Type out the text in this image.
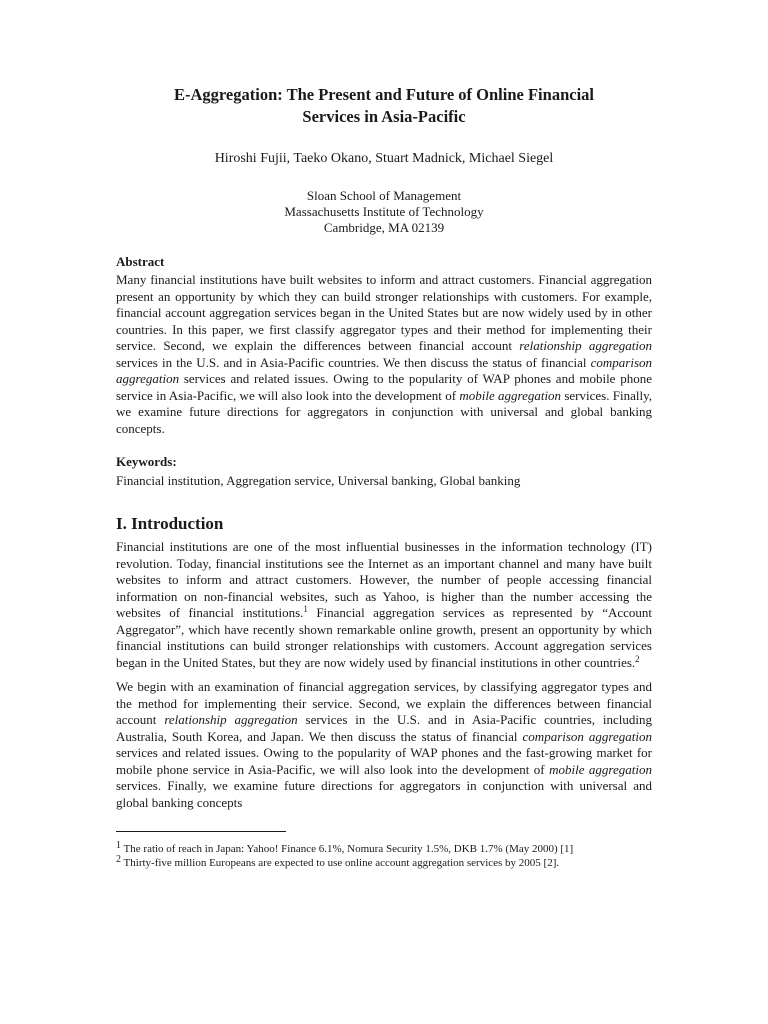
E-Aggregation: The Present and Future of Online Financial
Services in Asia-Pacific
Hiroshi Fujii, Taeko Okano, Stuart Madnick, Michael Siegel
Sloan School of Management
Massachusetts Institute of Technology
Cambridge, MA 02139
Abstract

Many financial institutions have built websites to inform and attract customers. Financial aggregation present an opportunity by which they can build stronger relationships with customers. For example, financial account aggregation services began in the United States but are now widely used by in other countries. In this paper, we first classify aggregator types and their method for implementing their service. Second, we explain the differences between financial account relationship aggregation services in the U.S. and in Asia-Pacific countries. We then discuss the status of financial comparison aggregation services and related issues. Owing to the popularity of WAP phones and mobile phone service in Asia-Pacific, we will also look into the development of mobile aggregation services. Finally, we examine future directions for aggregators in conjunction with universal and global banking concepts.

Keywords:
Financial institution, Aggregation service, Universal banking, Global banking
I. Introduction

Financial institutions are one of the most influential businesses in the information technology (IT) revolution. Today, financial institutions see the Internet as an important channel and many have built websites to inform and attract customers. However, the number of people accessing financial information on non-financial websites, such as Yahoo, is higher than the number accessing the websites of financial institutions.$^1$ Financial aggregation services as represented by “Account Aggregator”, which have recently shown remarkable online growth, present an opportunity by which financial institutions can build stronger relationships with customers. Account aggregation services began in the United States, but they are now widely used by financial institutions in other countries.$^2$

We begin with an examination of financial aggregation services, by classifying aggregator types and the method for implementing their service. Second, we explain the differences between financial account relationship aggregation services in the U.S. and in Asia-Pacific countries, including Australia, South Korea, and Japan. We then discuss the status of financial comparison aggregation services and related issues. Owing to the popularity of WAP phones and the fast-growing market for mobile phone service in Asia-Pacific, we will also look into the development of mobile aggregation services. Finally, we examine future directions for aggregators in conjunction with universal and global banking concepts

1 The ratio of reach in Japan: Yahoo! Finance 6.1%, Nomura Security 1.5%, DKB 1.7% (May 2000) [1]
2 Thirty-five million Europeans are expected to use online account aggregation services by 2005 [2].
